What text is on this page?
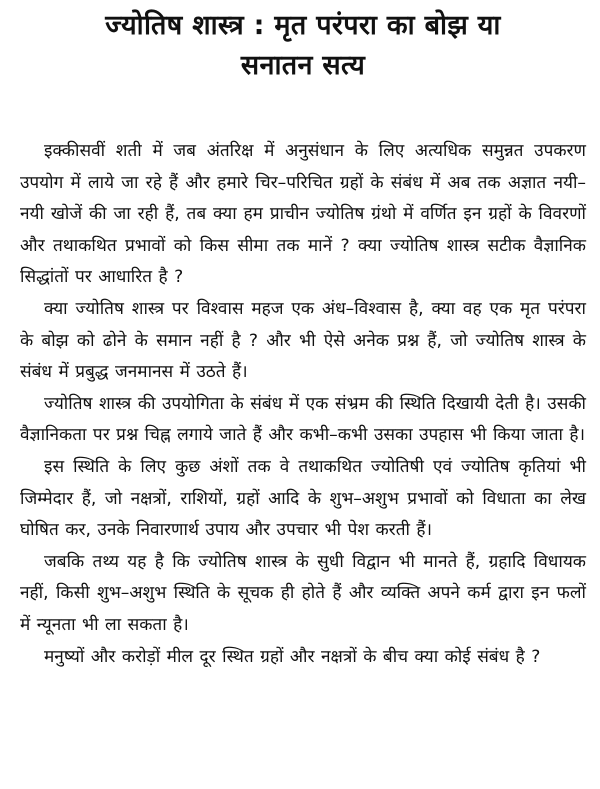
ज्योतिष शास्त्र : मृत परंपरा का बोझ या
सनातन सत्य

इक्कीसवीं शती में जब अंतरिक्ष में अनुसंधान के लिए अत्यधिक समुन्नत उपकरण उपयोग में लाये जा रहे हैं और हमारे चिर–परिचित ग्रहों के संबंध में अब तक अज्ञात नयी–नयी खोजें की जा रही हैं, तब क्या हम प्राचीन ज्योतिष ग्रंथो में वर्णित इन ग्रहों के विवरणों और तथाकथित प्रभावों को किस सीमा तक मानें ? क्या ज्योतिष शास्त्र सटीक वैज्ञानिक सिद्धांतों पर आधारित है ?

क्या ज्योतिष शास्त्र पर विश्वास महज एक अंध–विश्वास है, क्या वह एक मृत परंपरा के बोझ को ढोने के समान नहीं है ? और भी ऐसे अनेक प्रश्न हैं, जो ज्योतिष शास्त्र के संबंध में प्रबुद्ध जनमानस में उठते हैं।

ज्योतिष शास्त्र की उपयोगिता के संबंध में एक संभ्रम की स्थिति दिखायी देती है। उसकी वैज्ञानिकता पर प्रश्न चिह्न लगाये जाते हैं और कभी–कभी उसका उपहास भी किया जाता है।

इस स्थिति के लिए कुछ अंशों तक वे तथाकथित ज्योतिषी एवं ज्योतिष कृतियां भी जिम्मेदार हैं, जो नक्षत्रों, राशियों, ग्रहों आदि के शुभ–अशुभ प्रभावों को विधाता का लेख घोषित कर, उनके निवारणार्थ उपाय और उपचार भी पेश करती हैं।

जबकि तथ्य यह है कि ज्योतिष शास्त्र के सुधी विद्वान भी मानते हैं, ग्रहादि विधायक नहीं, किसी शुभ–अशुभ स्थिति के सूचक ही होते हैं और व्यक्ति अपने कर्म द्वारा इन फलों में न्यूनता भी ला सकता है।

मनुष्यों और करोड़ों मील दूर स्थित ग्रहों और नक्षत्रों के बीच क्या कोई संबंध है ?
